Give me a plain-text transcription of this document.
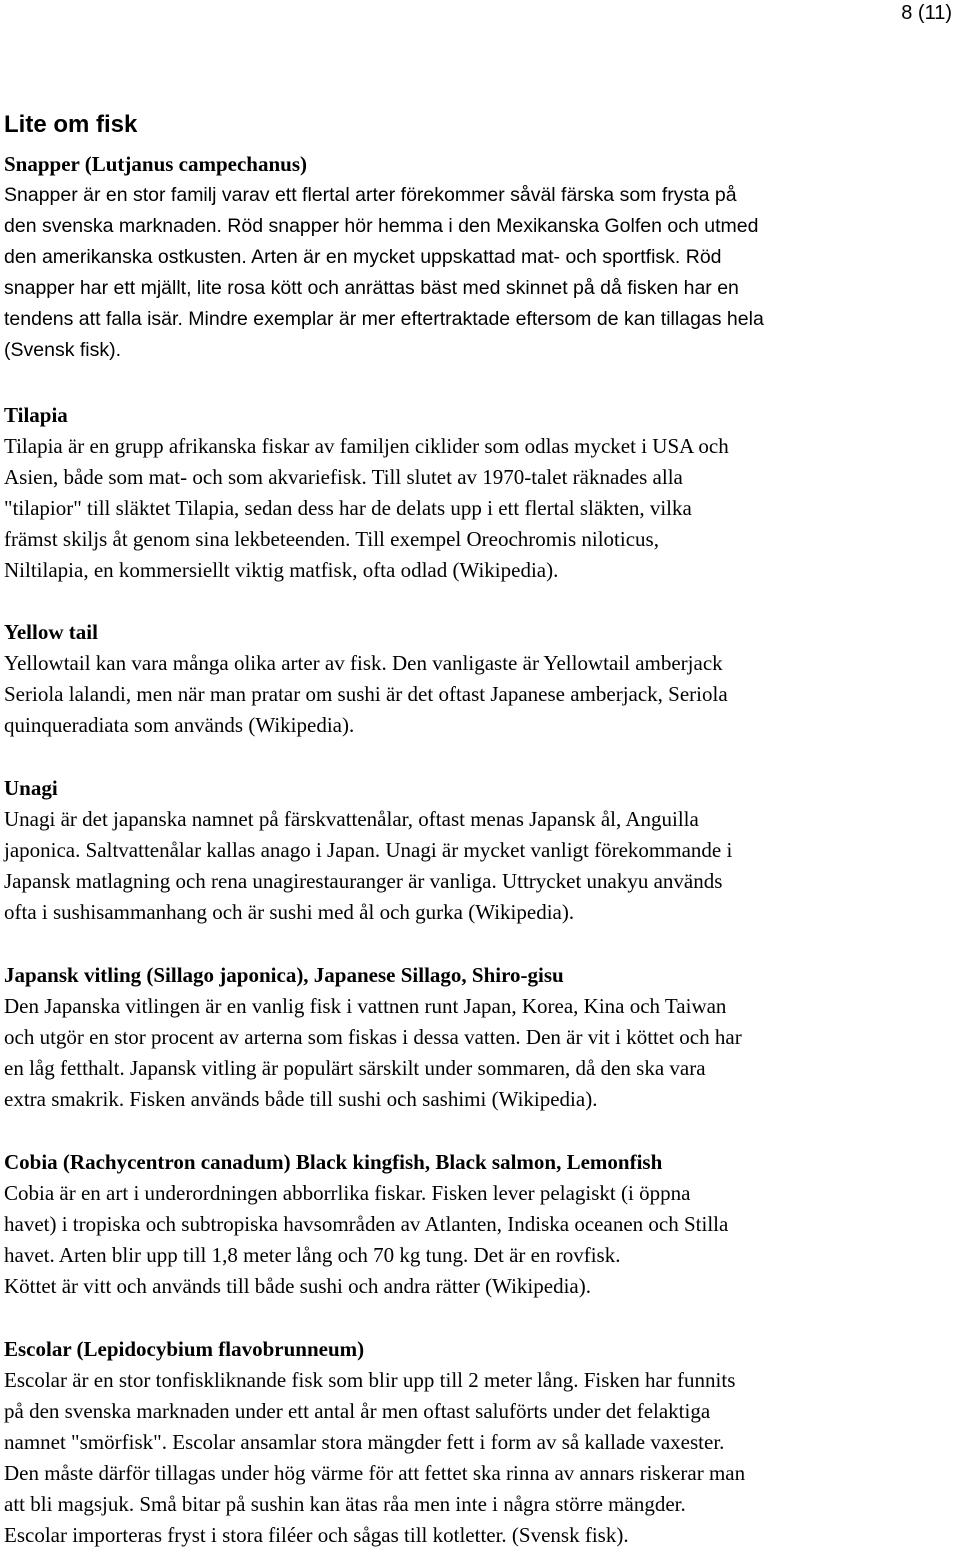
8 (11)
Lite om fisk
Snapper (Lutjanus campechanus)
Snapper är en stor familj varav ett flertal arter förekommer såväl färska som frysta på
den svenska marknaden. Röd snapper hör hemma i den Mexikanska Golfen och utmed
den amerikanska ostkusten. Arten är en mycket uppskattad mat- och sportfisk. Röd
snapper har ett mjällt, lite rosa kött och anrättas bäst med skinnet på då fisken har en
tendens att falla isär. Mindre exemplar är mer eftertraktade eftersom de kan tillagas hela
(Svensk fisk).
Tilapia
Tilapia är en grupp afrikanska fiskar av familjen ciklider som odlas mycket i USA och
Asien, både som mat- och som akvariefisk. Till slutet av 1970-talet räknades alla
"tilapior" till släktet Tilapia, sedan dess har de delats upp i ett flertal släkten, vilka
främst skiljs åt genom sina lekbeteenden. Till exempel Oreochromis niloticus,
Niltilapia, en kommersiellt viktig matfisk, ofta odlad (Wikipedia).
Yellow tail
Yellowtail kan vara många olika arter av fisk. Den vanligaste är Yellowtail amberjack
Seriola lalandi, men när man pratar om sushi är det oftast Japanese amberjack, Seriola
quinqueradiata som används (Wikipedia).
Unagi
Unagi är det japanska namnet på färskvattenålar, oftast menas Japansk ål, Anguilla
japonica. Saltvattenålar kallas anago i Japan. Unagi är mycket vanligt förekommande i
Japansk matlagning och rena unagirestauranger är vanliga. Uttrycket unakyu används
ofta i sushisammanhang och är sushi med ål och gurka (Wikipedia).
Japansk vitling (Sillago japonica), Japanese Sillago, Shiro-gisu
Den Japanska vitlingen är en vanlig fisk i vattnen runt Japan, Korea, Kina och Taiwan
och utgör en stor procent av arterna som fiskas i dessa vatten. Den är vit i köttet och har
en låg fetthalt. Japansk vitling är populärt särskilt under sommaren, då den ska vara
extra smakrik. Fisken används både till sushi och sashimi (Wikipedia).
Cobia (Rachycentron canadum) Black kingfish, Black salmon, Lemonfish
Cobia är en art i underordningen abborrlika fiskar. Fisken lever pelagiskt (i öppna
havet) i tropiska och subtropiska havsområden av Atlanten, Indiska oceanen och Stilla
havet. Arten blir upp till 1,8 meter lång och 70 kg tung. Det är en rovfisk.
Köttet är vitt och används till både sushi och andra rätter (Wikipedia).
Escolar (Lepidocybium flavobrunneum)
Escolar är en stor tonfiskliknande fisk som blir upp till 2 meter lång. Fisken har funnits
på den svenska marknaden under ett antal år men oftast saluförts under det felaktiga
namnet "smörfisk". Escolar ansamlar stora mängder fett i form av så kallade vaxester.
Den måste därför tillagas under hög värme för att fettet ska rinna av annars riskerar man
att bli magsjuk. Små bitar på sushin kan ätas råa men inte i några större mängder.
Escolar importeras fryst i stora filéer och sågas till kotletter. (Svensk fisk).
